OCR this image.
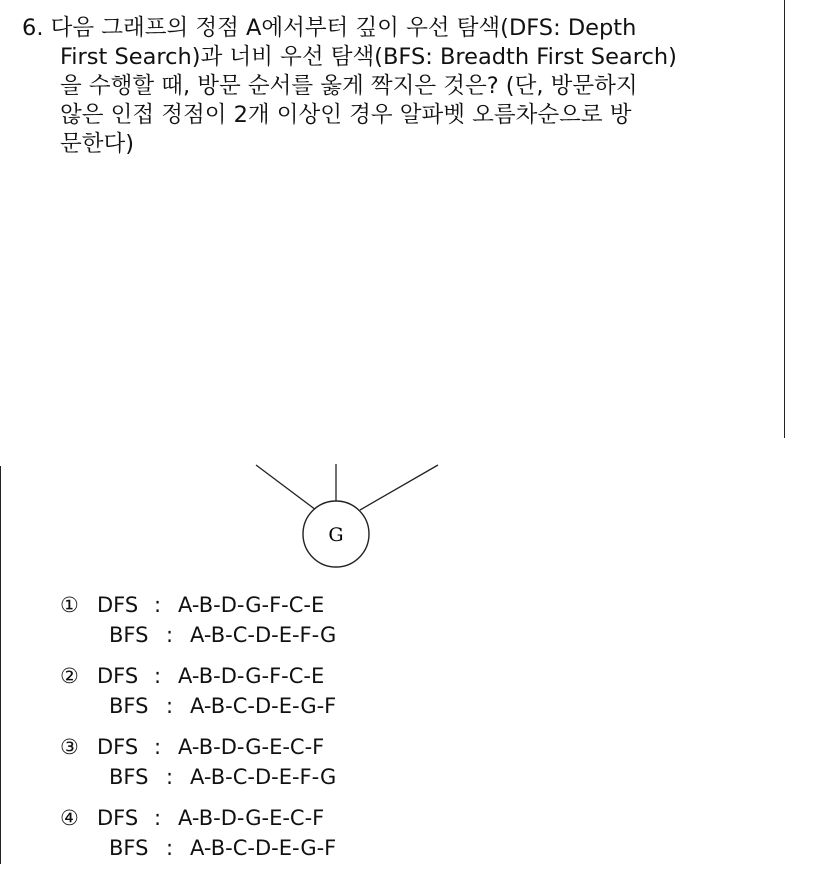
6. 다음 그래프의 정점 A에서부터 깊이 우선 탐색(DFS: Depth
First Search)과 너비 우선 탐색(BFS: Breadth First Search)
을 수행할 때, 방문 순서를 옳게 짝지은 것은? (단, 방문하지
않은 인접 정점이 2개 이상인 경우 알파벳 오름차순으로 방
문한다)
G
① DFS : A-B-D-G-F-C-E
BFS : A-B-C-D-E-F-G
② DFS : A-B-D-G-F-C-E
BFS : A-B-C-D-E-G-F
③ DFS : A-B-D-G-E-C-F
BFS : A-B-C-D-E-F-G
④ DFS : A-B-D-G-E-C-F
BFS : A-B-C-D-E-G-F
